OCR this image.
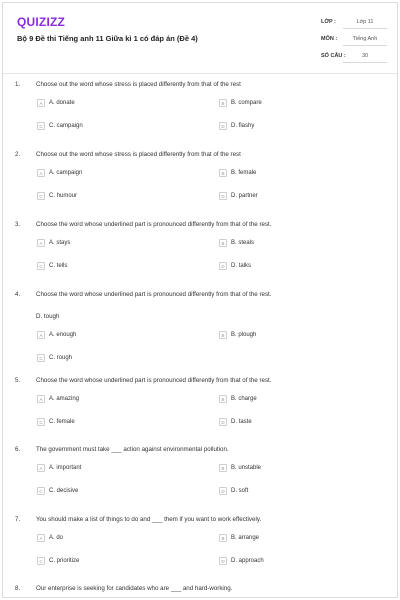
QUIZIZZ
Bộ 9 Đề thi Tiếng anh 11 Giữa kì 1 có đáp án (Đề 4)
LỚP :	Lớp 11
MÔN :	Tiếng Anh
SỐ CÂU :	30
1.	Choose out the word whose stress is placed differently from that of the rest
A	A. donate	B	B. compare
C	C. campaign	D	D. flashy
2.	Choose out the word whose stress is placed differently from that of the rest
A	A. campaign	B	B. female
C	C. humour	D	D. partner
3.	Choose the word whose underlined part is pronounced differently from that of the rest.
A	A. stays	B	B. steals
C	C. tells	D	D. talks
4.	Choose the word whose underlined part is pronounced differently from that of the rest.
D. tough
A	A. enough	B	B. plough
C	C. rough
5.	Choose the word whose underlined part is pronounced differently from that of the rest.
A	A. amazing	B	B. charge
C	C. female	D	D. taste
6.	The government must take ___ action against environmental pollution.
A	A. important	B	B. unstable
C	C. decisive	D	D. soft
7.	You should make a list of things to do and ___ them if you want to work effectively.
A	A. do	B	B. arrange
C	C. prioritize	D	D. approach
8.	Our enterprise is seeking for candidates who are ___ and hard-working.
